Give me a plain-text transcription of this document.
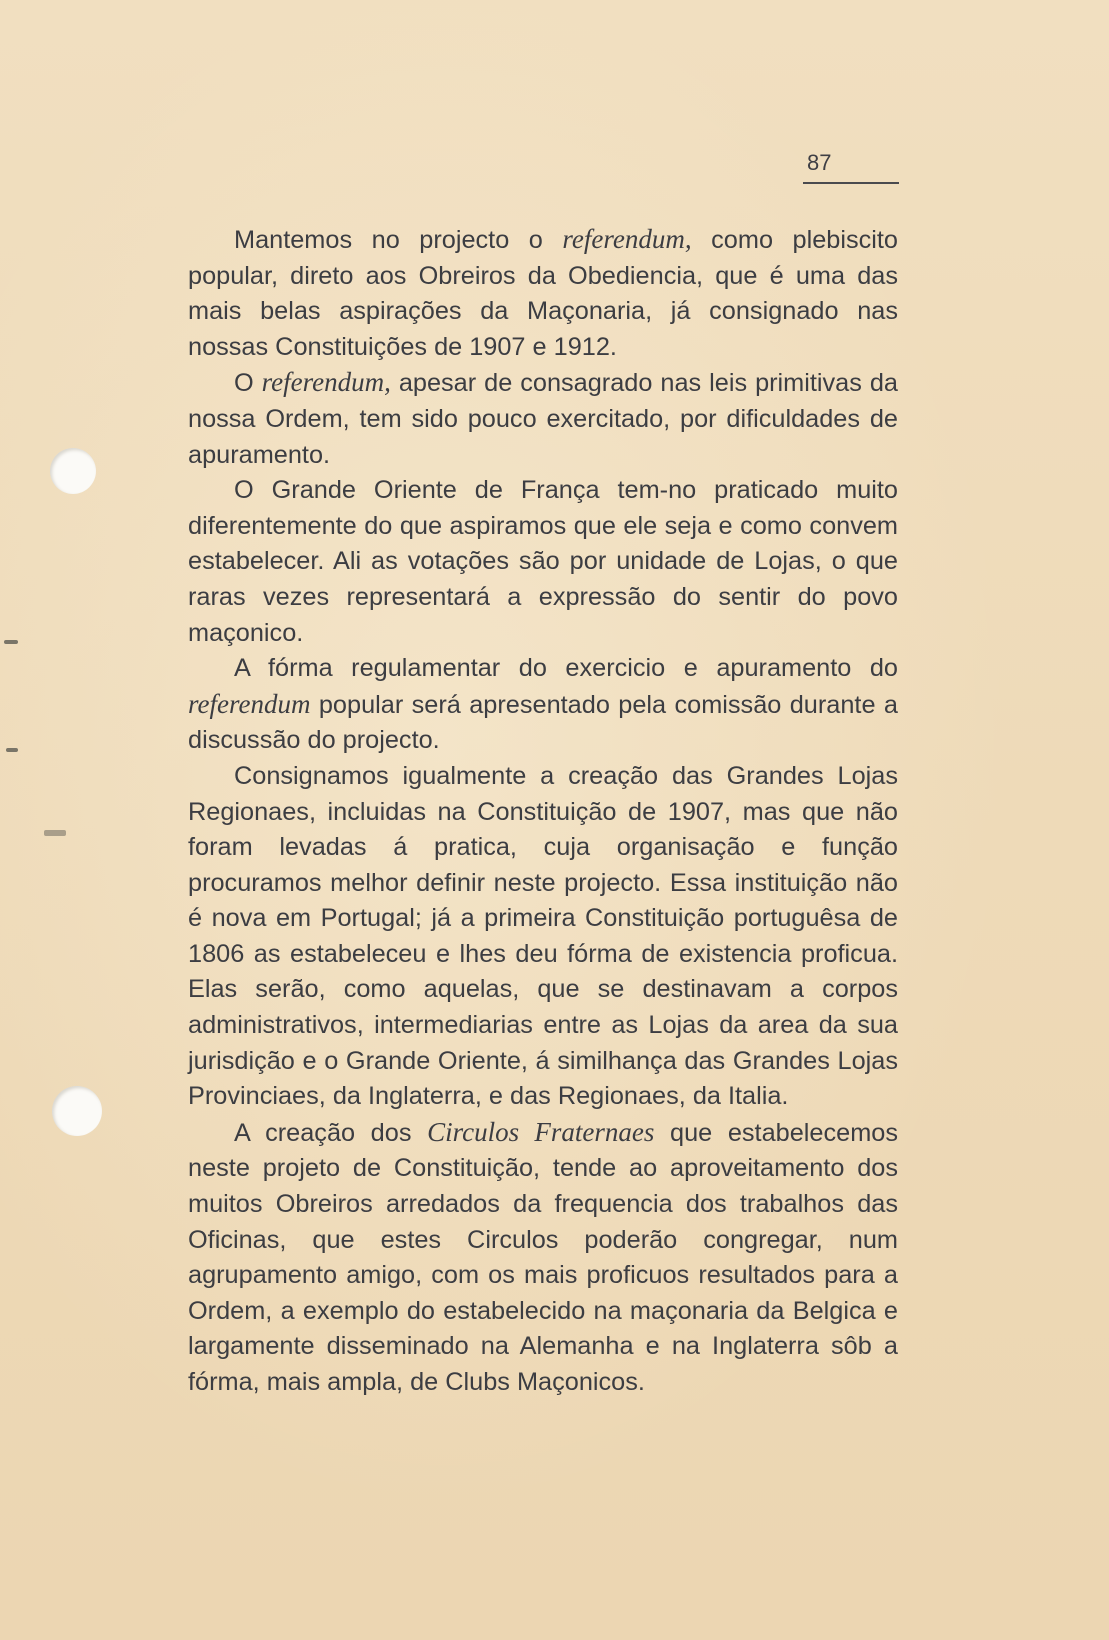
87

Mantemos no projecto o referendum, como plebiscito popular, direto aos Obreiros da Obediencia, que é uma das mais belas aspirações da Maçonaria, já consignado nas nossas Constituições de 1907 e 1912.

O referendum, apesar de consagrado nas leis primitivas da nossa Ordem, tem sido pouco exercitado, por dificuldades de apuramento.

O Grande Oriente de França tem-no praticado muito diferentemente do que aspiramos que ele seja e como convem estabelecer. Ali as votações são por unidade de Lojas, o que raras vezes representará a expressão do sentir do povo maçonico.

A fórma regulamentar do exercicio e apuramento do referendum popular será apresentado pela comissão durante a discussão do projecto.

Consignamos igualmente a creação das Grandes Lojas Regionaes, incluidas na Constituição de 1907, mas que não foram levadas á pratica, cuja organisação e função procuramos melhor definir neste projecto. Essa instituição não é nova em Portugal; já a primeira Constituição portuguêsa de 1806 as estabeleceu e lhes deu fórma de existencia proficua. Elas serão, como aquelas, que se destinavam a corpos administrativos, intermediarias entre as Lojas da area da sua jurisdição e o Grande Oriente, á similhança das Grandes Lojas Provinciaes, da Inglaterra, e das Regionaes, da Italia.

A creação dos Circulos Fraternaes que estabelecemos neste projeto de Constituição, tende ao aproveitamento dos muitos Obreiros arredados da frequencia dos trabalhos das Oficinas, que estes Circulos poderão congregar, num agrupamento amigo, com os mais proficuos resultados para a Ordem, a exemplo do estabelecido na maçonaria da Belgica e largamente disseminado na Alemanha e na Inglaterra sôb a fórma, mais ampla, de Clubs Maçonicos.
